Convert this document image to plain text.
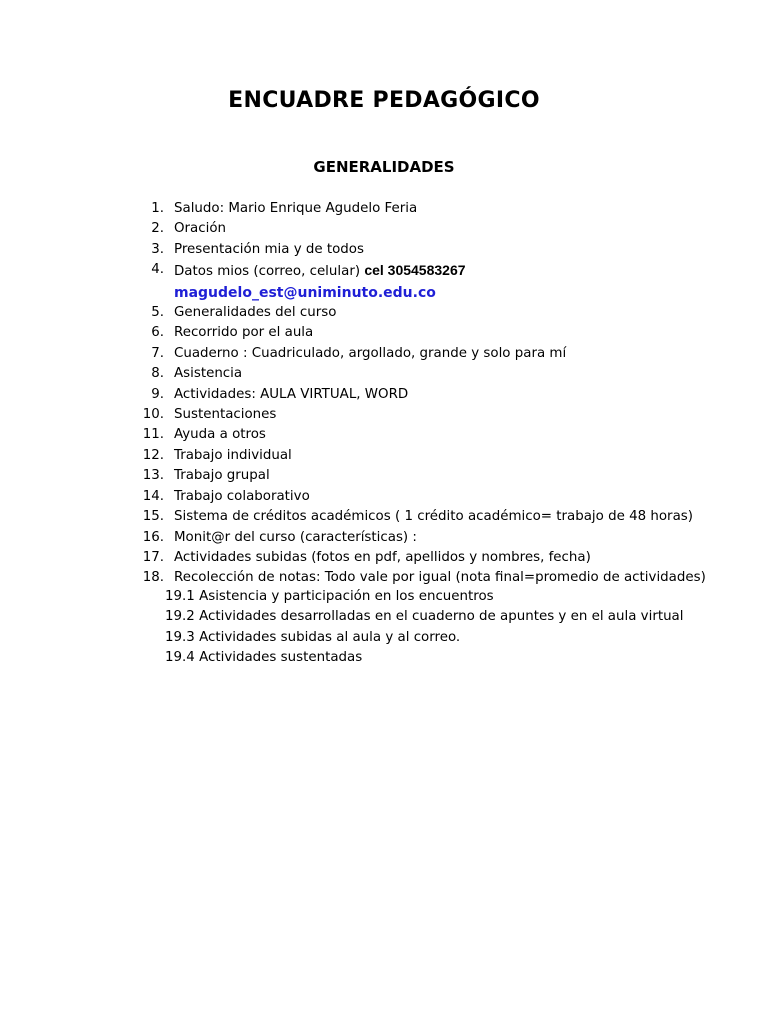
ENCUADRE PEDAGÓGICO
GENERALIDADES
1. Saludo: Mario Enrique Agudelo Feria
2. Oración
3. Presentación mia y de todos
4. Datos mios (correo, celular) cel 3054583267
magudelo_est@uniminuto.edu.co
5. Generalidades del curso
6. Recorrido por el aula
7. Cuaderno : Cuadriculado, argollado, grande y solo para mí
8. Asistencia
9. Actividades: AULA VIRTUAL, WORD
10. Sustentaciones
11. Ayuda a otros
12. Trabajo individual
13. Trabajo grupal
14. Trabajo colaborativo
15. Sistema de créditos académicos ( 1 crédito académico= trabajo de 48 horas)
16. Monit@r del curso (características) :
17. Actividades subidas (fotos en pdf, apellidos y nombres, fecha)
18. Recolección de notas: Todo vale por igual (nota final=promedio de actividades)
19.1 Asistencia y participación en los encuentros
19.2 Actividades desarrolladas en el cuaderno de apuntes y en el aula virtual
19.3 Actividades subidas al aula y al correo.
19.4 Actividades sustentadas
